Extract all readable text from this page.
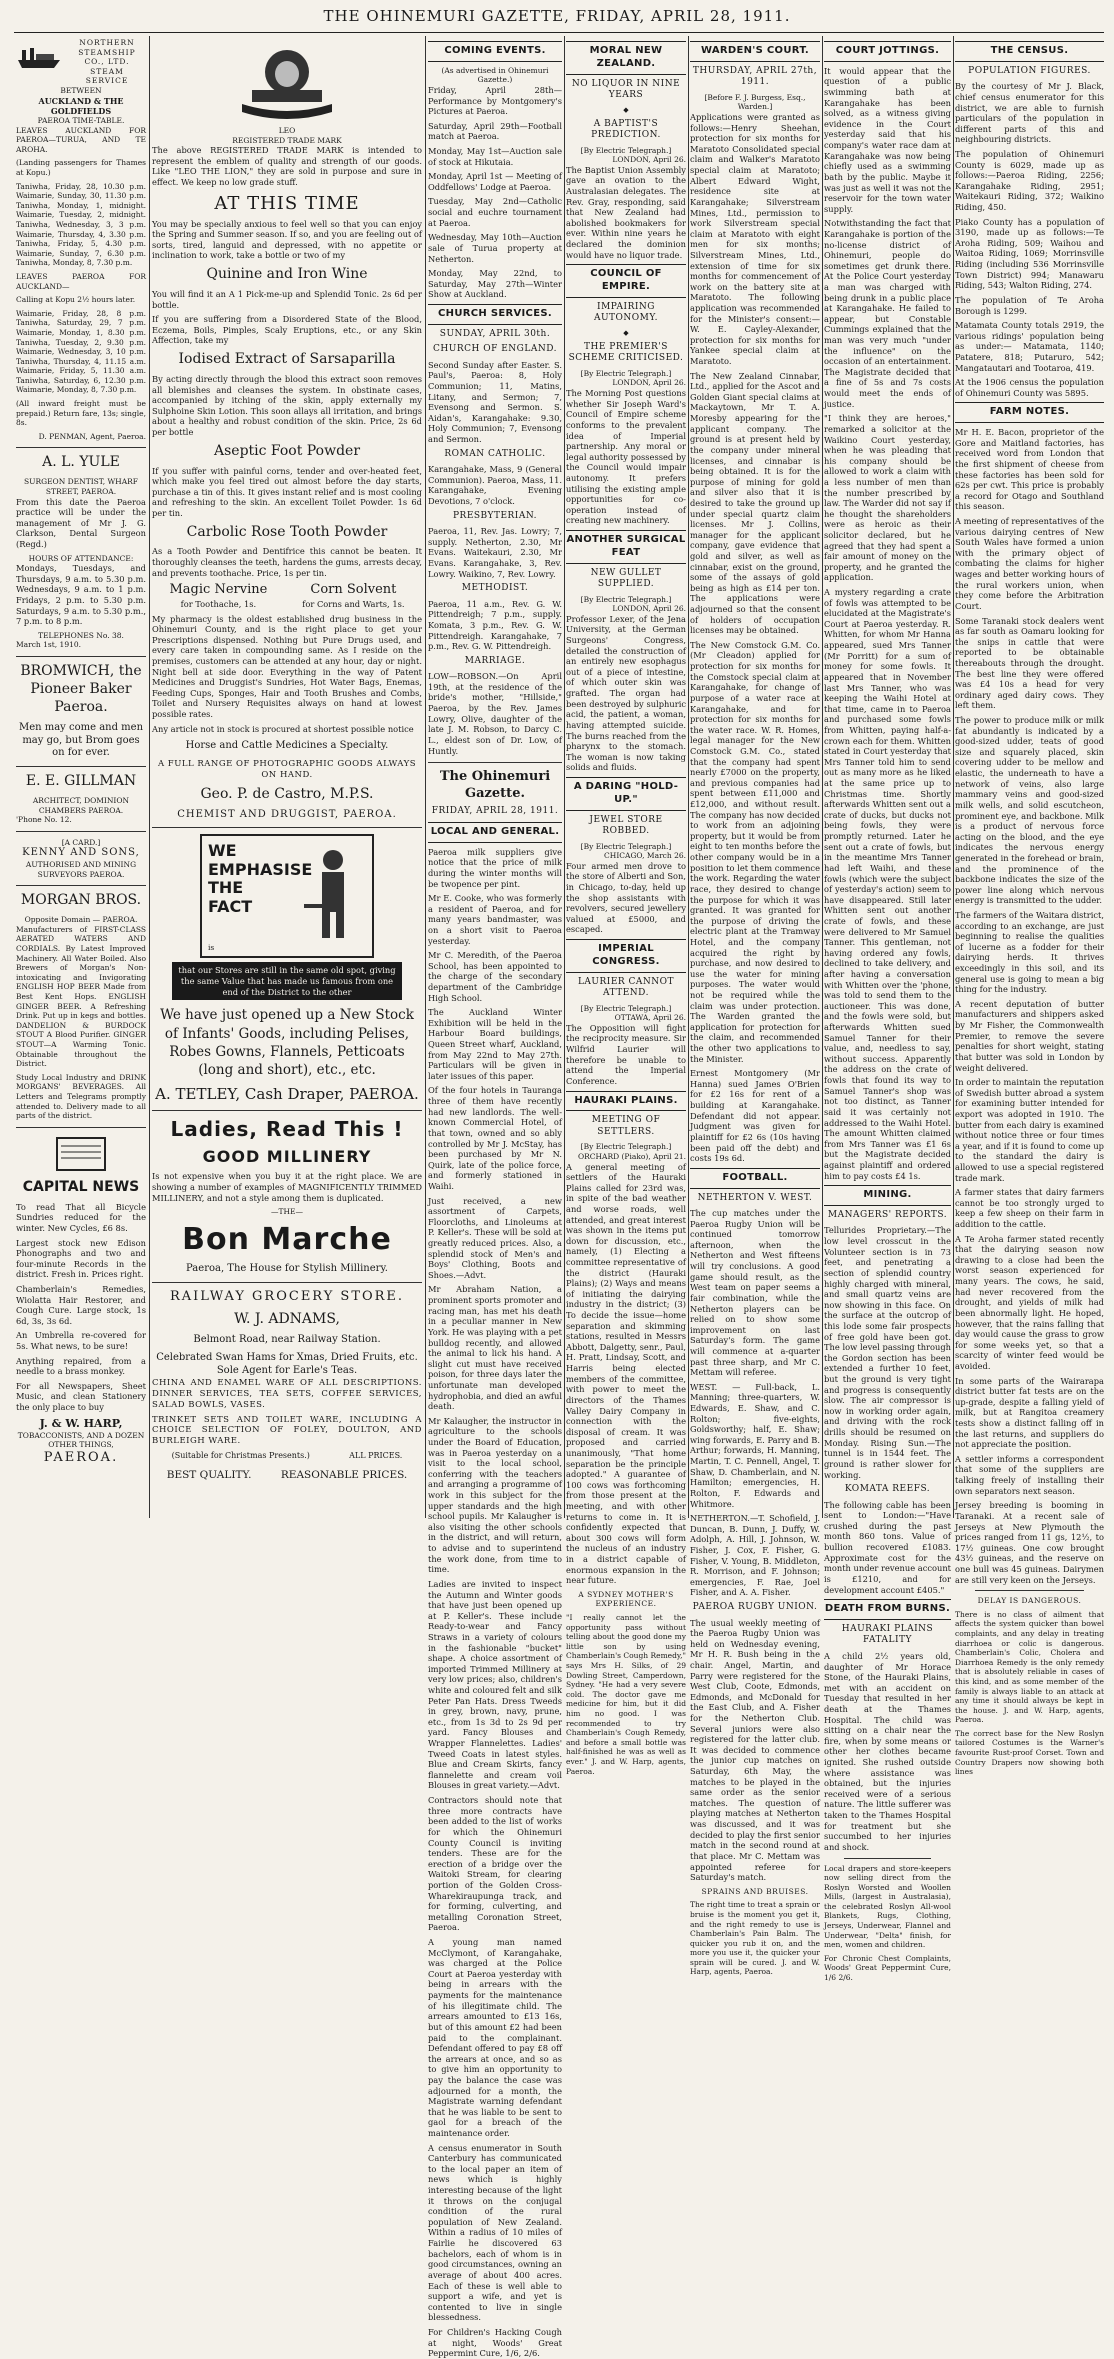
THE OHINEMURI GAZETTE, FRIDAY, APRIL 28, 1911.
NORTHERN STEAMSHIP CO., LTD. STEAM SERVICE
BETWEEN
AUCKLAND & THE GOLDFIELDS
PAEROA TIME-TABLE.

LEAVES AUCKLAND FOR PAEROA—TURUA, AND TE AROHA.

(Landing passengers for Thames at Kopu.)

Taniwha, Friday, 28, 10.30 p.m. Waimarie, Sunday, 30, 11.30 p.m. Taniwha, Monday, 1, midnight. Waimarie, Tuesday, 2, midnight. Taniwha, Wednesday, 3, 3 p.m. Waimarie, Thursday, 4, 3.30 p.m. Taniwha, Friday, 5, 4.30 p.m. Waimarie, Sunday, 7, 6.30 p.m. Taniwha, Monday, 8, 7.30 p.m.

LEAVES PAEROA FOR AUCKLAND—

Calling at Kopu 2½ hours later.

Waimarie, Friday, 28, 8 p.m. Taniwha, Saturday, 29, 7 p.m. Waimarie, Monday, 1, 8.30 p.m. Taniwha, Tuesday, 2, 9.30 p.m. Waimarie, Wednesday, 3, 10 p.m. Taniwha, Thursday, 4, 11.15 a.m. Waimarie, Friday, 5, 11.30 a.m. Taniwha, Saturday, 6, 12.30 p.m. Waimarie, Monday, 8, 7.30 p.m.

(All inward freight must be prepaid.) Return fare, 13s; single, 8s.

D. PENMAN, Agent, Paeroa.

A. L. YULE
SURGEON DENTIST, WHARF STREET, PAEROA.

From this date the Paeroa practice will be under the management of Mr J. G. Clarkson, Dental Surgeon (Regd.)

HOURS OF ATTENDANCE:

Mondays, Tuesdays, and Thursdays, 9 a.m. to 5.30 p.m. Wednesdays, 9 a.m. to 1 p.m. Fridays, 2 p.m. to 5.30 p.m. Saturdays, 9 a.m. to 5.30 p.m., 7 p.m. to 8 p.m.

TELEPHONES No. 38.
March 1st, 1910.
BROMWICH, the Pioneer Baker Paeroa.
Men may come and men may go, but Brom goes on for ever.
E. E. GILLMAN
ARCHITECT, DOMINION CHAMBERS PAEROA.
'Phone No. 12.
[A CARD.]
KENNY AND SONS,
AUTHORISED AND MINING SURVEYORS PAEROA.
MORGAN BROS.
Opposite Domain — PAEROA.

Manufacturers of FIRST-CLASS AERATED WATERS AND CORDIALS. By Latest Improved Machinery. All Water Boiled. Also Brewers of Morgan's Non-intoxicating and Invigorating ENGLISH HOP BEER Made from Best Kent Hops. ENGLISH GINGER BEER. A Refreshing Drink. Put up in kegs and bottles. DANDELION & BURDOCK STOUT A Blood Purifier. GINGER STOUT—A Warming Tonic. Obtainable throughout the District.

Study Local Industry and DRINK MORGANS' BEVERAGES. All Letters and Telegrams promptly attended to. Delivery made to all parts of the district.

CAPITAL NEWS

To read That all Bicycle Sundries reduced for the winter. New Cycles, £6 8s.

Largest stock new Edison Phonographs and two and four-minute Records in the district. Fresh in. Prices right.

Chamberlain's Remedies, Wiolatta Hair Restorer, and Cough Cure. Large stock, 1s 6d, 3s, 3s 6d.

An Umbrella re-covered for 5s. What news, to be sure!

Anything repaired, from a needle to a brass monkey.

For all Newspapers, Sheet Music, and clean Stationery the only place to buy

J. & W. HARP,
TOBACCONISTS, AND A DOZEN OTHER THINGS,
PAEROA.
LEO
REGISTERED TRADE MARK

The above REGISTERED TRADE MARK is intended to represent the emblem of quality and strength of our goods. Like "LEO THE LION," they are sold in purpose and sure in effect. We keep no low grade stuff.

AT THIS TIME

You may be specially anxious to feel well so that you can enjoy the Spring and Summer season. If so, and you are feeling out of sorts, tired, languid and depressed, with no appetite or inclination to work, take a bottle or two of my

Quinine and Iron Wine

You will find it an A 1 Pick-me-up and Splendid Tonic. 2s 6d per bottle.

If you are suffering from a Disordered State of the Blood, Eczema, Boils, Pimples, Scaly Eruptions, etc., or any Skin Affection, take my

Iodised Extract of Sarsaparilla

By acting directly through the blood this extract soon removes all blemishes and cleanses the system. In obstinate cases, accompanied by itching of the skin, apply externally my Sulphoine Skin Lotion. This soon allays all irritation, and brings about a healthy and robust condition of the skin. Price, 2s 6d per bottle

Aseptic Foot Powder

If you suffer with painful corns, tender and over-heated feet, which make you feel tired out almost before the day starts, purchase a tin of this. It gives instant relief and is most cooling and refreshing to the skin. An excellent Toilet Powder. 1s 6d per tin.

Carbolic Rose Tooth Powder

As a Tooth Powder and Dentifrice this cannot be beaten. It thoroughly cleanses the teeth, hardens the gums, arrests decay, and prevents toothache. Price, 1s per tin.

Magic Nervine
for Toothache, 1s.
Corn Solvent
for Corns and Warts, 1s.

My pharmacy is the oldest established drug business in the Ohinemuri County, and is the right place to get your Prescriptions dispensed. Nothing but Pure Drugs used, and every care taken in compounding same. As I reside on the premises, customers can be attended at any hour, day or night. Night bell at side door. Everything in the way of Patent Medicines and Druggist's Sundries, Hot Water Bags, Enemas, Feeding Cups, Sponges, Hair and Tooth Brushes and Combs, Toilet and Nursery Requisites always on hand at lowest possible rates.

Any article not in stock is procured at shortest possible notice

Horse and Cattle Medicines a Specialty.
A FULL RANGE OF PHOTOGRAPHIC GOODS ALWAYS ON HAND.
Geo. P. de Castro, M.P.S.
CHEMIST AND DRUGGIST, PAEROA.
WE EMPHASISE THE FACT
is
that our Stores are still in the same old spot, giving the same Value that has made us famous from one end of the District to the other
We have just opened up a New Stock of Infants' Goods, including Pelises, Robes Gowns, Flannels, Petticoats (long and short), etc., etc.
A. TETLEY, Cash Draper, PAEROA.
Ladies, Read This !
GOOD MILLINERY

Is not expensive when you buy it at the right place. We are showing a number of examples of MAGNIFICENTLY TRIMMED MILLINERY, and not a style among them is duplicated.

—THE—
Bon Marche
Paeroa, The House for Stylish Millinery.
RAILWAY GROCERY STORE.
W. J. ADNAMS,
Belmont Road, near Railway Station.
Celebrated Swan Hams for Xmas, Dried Fruits, etc.
Sole Agent for Earle's Teas.

CHINA AND ENAMEL WARE OF ALL DESCRIPTIONS. DINNER SERVICES, TEA SETS, COFFEE SERVICES, SALAD BOWLS, VASES.

TRINKET SETS AND TOILET WARE, INCLUDING A CHOICE SELECTION OF FOLEY, DOULTON, AND BURLEIGH WARE.

(Suitable for Christmas Presents.)	ALL PRICES.
BEST QUALITY.	REASONABLE PRICES.
COMING EVENTS.
(As advertised in Ohinemuri Gazette.)

Friday, April 28th—Performance by Montgomery's Pictures at Paeroa.

Saturday, April 29th—Football match at Paeroa.

Monday, May 1st—Auction sale of stock at Hikutaia.

Monday, April 1st — Meeting of Oddfellows' Lodge at Paeroa.

Tuesday, May 2nd—Catholic social and euchre tournament at Paeroa.

Wednesday, May 10th—Auction sale of Turua property at Netherton.

Monday, May 22nd, to Saturday, May 27th—Winter Show at Auckland.

CHURCH SERVICES.
SUNDAY, APRIL 30th.
CHURCH OF ENGLAND.

Second Sunday after Easter. S. Paul's, Paeroa: 8, Holy Communion; 11, Matins, Litany, and Sermon; 7, Evensong and Sermon. S. Aidan's, Karangahake: 9.30, Holy Communion; 7, Evensong and Sermon.

ROMAN CATHOLIC.

Karangahake, Mass, 9 (General Communion). Paeroa, Mass, 11. Karangahake, Evening Devotions, 7 o'clock.

PRESBYTERIAN.

Paeroa, 11, Rev. Jas. Lowry; 7, supply. Netherton, 2.30, Mr Evans. Waitekauri, 2.30, Mr Evans. Karangahake, 3, Rev. Lowry. Waikino, 7, Rev. Lowry.

METHODIST.

Paeroa, 11 a.m., Rev. G. W. Pittendreigh; 7 p.m., supply. Komata, 3 p.m., Rev. G. W. Pittendreigh. Karangahake, 7 p.m., Rev. G. W. Pittendreigh.

MARRIAGE.

LOW—ROBSON.—On April 19th, at the residence of the bride's mother, "Hillside," Paeroa, by the Rev. James Lowry, Olive, daughter of the late J. M. Robson, to Darcy C. L., eldest son of Dr. Low, of Huntly.

The Ohinemuri Gazette.
FRIDAY, APRIL 28, 1911.
LOCAL AND GENERAL.

Paeroa milk suppliers give notice that the price of milk during the winter months will be twopence per pint.

Mr E. Cooke, who was formerly a resident of Paeroa, and for many years bandmaster, was on a short visit to Paeroa yesterday.

Mr C. Meredith, of the Paeroa School, has been appointed to the charge of the secondary department of the Cambridge High School.

The Auckland Winter Exhibition will be held in the Harbour Board buildings, Queen Street wharf, Auckland, from May 22nd to May 27th. Particulars will be given in later issues of this paper.

Of the four hotels in Tauranga three of them have recently had new landlords. The well-known Commercial Hotel, of that town, owned and so ably controlled by Mr J. McStay, has been purchased by Mr N. Quirk, late of the police force, and formerly stationed in Waihi.

Just received, a new assortment of Carpets, Floorcloths, and Linoleums at P. Keller's. These will be sold at greatly reduced prices. Also, a splendid stock of Men's and Boys' Clothing, Boots and Shoes.—Advt.

Mr Abraham Nation, a prominent sports promoter and racing man, has met his death in a peculiar manner in New York. He was playing with a pet bulldog recently, and allowed the animal to lick his hand. A slight cut must have received poison, for three days later the unfortunate man developed hydrophobia, and died an awful death.

Mr Kalaugher, the instructor in agriculture to the schools under the Board of Education, was in Paeroa yesterday on a visit to the local school, conferring with the teachers and arranging a programme of work in this subject for the upper standards and the high school pupils. Mr Kalaugher is also visiting the other schools in the district, and will return, to advise and to superintend the work done, from time to time.

Ladies are invited to inspect the Autumn and Winter goods that have just been opened up at P. Keller's. These include Ready-to-wear and Fancy Straws in a variety of colours in the fashionable "bucket" shape. A choice assortment of imported Trimmed Millinery at very low prices; also, children's white and coloured felt and silk Peter Pan Hats. Dress Tweeds in grey, brown, navy, prune, etc., from 1s 3d to 2s 9d per yard. Fancy Blouses and Wrapper Flannelettes. Ladies' Tweed Coats in latest styles. Blue and Cream Skirts, fancy flannelette and cream voil Blouses in great variety.—Advt.

Contractors should note that three more contracts have been added to the list of works for which the Ohinemuri County Council is inviting tenders. These are for the erection of a bridge over the Waitoki Stream, for clearing portion of the Golden Cross-Wharekiraupunga track, and for forming, culverting, and metalling Coronation Street, Paeroa.

A young man named McClymont, of Karangahake, was charged at the Police Court at Paeroa yesterday with being in arrears with the payments for the maintenance of his illegitimate child. The arrears amounted to £13 16s, but of this amount £2 had been paid to the complainant. Defendant offered to pay £8 off the arrears at once, and so as to give him an opportunity to pay the balance the case was adjourned for a month, the Magistrate warning defendant that he was liable to be sent to gaol for a breach of the maintenance order.

A census enumerator in South Canterbury has communicated to the local paper an item of news which is highly interesting because of the light it throws on the conjugal condition of the rural population of New Zealand. Within a radius of 10 miles of Fairlie he discovered 63 bachelors, each of whom is in good circumstances, owning an average of about 400 acres. Each of these is well able to support a wife, and yet is contented to live in single blessedness.

For Children's Hacking Cough at night, Woods' Great Peppermint Cure, 1/6, 2/6.

MORAL NEW ZEALAND.
NO LIQUOR IN NINE YEARS
◆
A BAPTIST'S PREDICTION.
[By Electric Telegraph.]
LONDON, April 26.

The Baptist Union Assembly gave an ovation to the Australasian delegates. The Rev. Gray, responding, said that New Zealand had abolished bookmakers for ever. Within nine years he declared the dominion would have no liquor trade.

COUNCIL OF EMPIRE.
IMPAIRING AUTONOMY.
◆
THE PREMIER'S SCHEME CRITICISED.
[By Electric Telegraph.]
LONDON, April 26.

The Morning Post questions whether Sir Joseph Ward's Council of Empire scheme conforms to the prevalent idea of Imperial partnership. Any moral or legal authority possessed by the Council would impair autonomy. It prefers utilising the existing ample opportunities for co-operation instead of creating new machinery.

ANOTHER SURGICAL FEAT
NEW GULLET SUPPLIED.
[By Electric Telegraph.]
LONDON, April 26.

Professor Lexer, of the Jena University, at the German Surgeons' Congress, detailed the construction of an entirely new esophagus out of a piece of intestine, of which outer skin was grafted. The organ had been destroyed by sulphuric acid, the patient, a woman, having attempted suicide. The burns reached from the pharynx to the stomach. The woman is now taking solids and fluids.

A DARING "HOLD-UP."
JEWEL STORE ROBBED.
[By Electric Telegraph.]
CHICAGO, March 26.

Four armed men drove to the store of Alberti and Son, in Chicago, to-day, held up the shop assistants with revolvers, secured jewellery valued at £5000, and escaped.

IMPERIAL CONGRESS.
LAURIER CANNOT ATTEND.
[By Electric Telegraph.]
OTTAWA, April 26.

The Opposition will fight the reciprocity measure. Sir Wilfrid Laurier will therefore be unable to attend the Imperial Conference.

HAURAKI PLAINS.
MEETING OF SETTLERS.
[By Electric Telegraph.]
ORCHARD (Piako), April 21.

A general meeting of settlers of the Hauraki Plains called for 23rd was, in spite of the bad weather and worse roads, well attended, and great interest was shown in the items put down for discussion, etc., namely, (1) Electing a committee representative of the district (Hauraki Plains); (2) Ways and means of initiating the dairying industry in the district; (3) To decide the issue—home separation and skimming stations, resulted in Messrs Abbott, Dalgetty, senr., Paul, H. Pratt, Lindsay, Scott, and Harris being elected members of the committee, with power to meet the directors of the Thames Valley Dairy Company in connection with the disposal of cream. It was proposed and carried unanimously, "That home separation be the principle adopted." A guarantee of 100 cows was forthcoming from those present at the meeting, and with other returns to come in. It is confidently expected that about 300 cows will form the nucleus of an industry in a district capable of enormous expansion in the near future.

A SYDNEY MOTHER'S EXPERIENCE.

"I really cannot let the opportunity pass without telling about the good done my little son by using Chamberlain's Cough Remedy," says Mrs H. Silks, of 29 Dowling Street, Camperdown, Sydney. "He had a very severe cold. The doctor gave me medicine for him, but it did him no good. I was recommended to try Chamberlain's Cough Remedy, and before a small bottle was half-finished he was as well as ever." J. and W. Harp, agents, Paeroa.

WARDEN'S COURT.
THURSDAY, APRIL 27th, 1911.
[Before F. J. Burgess, Esq., Warden.]

Applications were granted as follows:—Henry Sheehan, protection for six months for Maratoto Consolidated special claim and Walker's Maratoto special claim at Maratoto; Albert Edward Wight, residence site at Karangahake; Silverstream Mines, Ltd., permission to work Silverstream special claim at Maratoto with eight men for six months; Silverstream Mines, Ltd., extension of time for six months for commencement of work on the battery site at Maratoto. The following application was recommended for the Minister's consent:— W. E. Cayley-Alexander, protection for six months for Yankee special claim at Maratoto.

The New Zealand Cinnabar, Ltd., applied for the Ascot and Golden Giant special claims at Mackaytown, Mr T. A. Moresby appearing for the applicant company. The ground is at present held by the company under mineral licenses, and cinnabar is being obtained. It is for the purpose of mining for gold and silver also that it is desired to take the ground up under special quartz claim licenses. Mr J. Collins, manager for the applicant company, gave evidence that gold and silver, as well as cinnabar, exist on the ground, some of the assays of gold being as high as £14 per ton. The applications were adjourned so that the consent of holders of occupation licenses may be obtained.

The New Comstock G.M. Co. (Mr Cleadon) applied for protection for six months for the Comstock special claim at Karangahake, for change of purpose of a water race at Karangahake, and for protection for six months for the water race. W. R. Homes, legal manager for the New Comstock G.M. Co., stated that the company had spent nearly £7000 on the property, and previous companies had spent between £11,000 and £12,000, and without result. The company has now decided to work from an adjoining property, but it would be from eight to ten months before the other company would be in a position to let them commence the work. Regarding the water race, they desired to change the purpose for which it was granted. It was granted for the purpose of driving the electric plant at the Tramway Hotel, and the company acquired the right by purchase, and now desired to use the water for mining purposes. The water would not be required while the claim was under protection. The Warden granted the application for protection for the claim, and recommended the other two applications to the Minister.

Ernest Montgomery (Mr Hanna) sued James O'Brien for £2 16s for rent of a building at Karangahake. Defendant did not appear. Judgment was given for plaintiff for £2 6s (10s having been paid off the debt) and costs 19s 6d.

FOOTBALL.
NETHERTON V. WEST.

The cup matches under the Paeroa Rugby Union will be continued tomorrow afternoon, when the Netherton and West fifteens will try conclusions. A good game should result, as the West team on paper seems a fair combination, while the Netherton players can be relied on to show some improvement on last Saturday's form. The game will commence at a-quarter past three sharp, and Mr C. Mettam will referee.

WEST. — Full-back, L. Manning; three-quarters, W. Edwards, E. Shaw, and C. Rolton; five-eights, Goldsworthy; half, E. Shaw; wing forwards, E. Parry and B. Arthur; forwards, H. Manning, Martin, T. C. Pennell, Angel, T. Shaw, D. Chamberlain, and N. Hamilton; emergencies, H. Rolton, F. Edwards and Whitmore.

NETHERTON.—T. Schofield, J. Duncan, B. Dunn, J. Duffy, W. Adolph, A. Hill, J. Johnson, W. Fisher, J. Cox, F. Fisher, G. Fisher, V. Young, B. Middleton, R. Morrison, and F. Johnson; emergencies, F. Rae, Joel Fisher, and A. A. Fisher.

PAEROA RUGBY UNION.

The usual weekly meeting of the Paeroa Rugby Union was held on Wednesday evening, Mr H. R. Bush being in the chair. Angel, Martin, and Parry were registered for the West Club, Coote, Edmonds, Edmonds, and McDonald for the East Club, and A. Fisher for the Netherton Club. Several juniors were also registered for the latter club. It was decided to commence the junior cup matches on Saturday, 6th May, the matches to be played in the same order as the senior matches. The question of playing matches at Netherton was discussed, and it was decided to play the first senior match in the second round at that place. Mr C. Mettam was appointed referee for Saturday's match.

SPRAINS AND BRUISES.

The right time to treat a sprain or bruise is the moment you get it, and the right remedy to use is Chamberlain's Pain Balm. The quicker you rub it on, and the more you use it, the quicker your sprain will be cured. J. and W. Harp, agents, Paeroa.

COURT JOTTINGS.

It would appear that the question of a public swimming bath at Karangahake has been solved, as a witness giving evidence in the Court yesterday said that his company's water race dam at Karangahake was now being chiefly used as a swimming bath by the public. Maybe it was just as well it was not the reservoir for the town water supply.

Notwithstanding the fact that Karangahake is portion of the no-license district of Ohinemuri, people do sometimes get drunk there. At the Police Court yesterday a man was charged with being drunk in a public place at Karangahake. He failed to appear, but Constable Cummings explained that the man was very much "under the influence" on the occasion of an entertainment. The Magistrate decided that a fine of 5s and 7s costs would meet the ends of justice.

"I think they are heroes," remarked a solicitor at the Waikino Court yesterday, when he was pleading that his company should be allowed to work a claim with a less number of men than the number prescribed by law. The Warder did not say if he thought the shareholders were as heroic as their solicitor declared, but he agreed that they had spent a fair amount of money on the property, and he granted the application.

A mystery regarding a crate of fowls was attempted to be elucidated at the Magistrate's Court at Paeroa yesterday. R. Whitten, for whom Mr Hanna appeared, sued Mrs Tanner (Mr Porritt) for a sum of money for some fowls. It appeared that in November last Mrs Tanner, who was keeping the Waihi Hotel at that time, came in to Paeroa and purchased some fowls from Whitten, paying half-a-crown each for them. Whitten stated in Court yesterday that Mrs Tanner told him to send out as many more as he liked at the same price up to Christmas time. Shortly afterwards Whitten sent out a crate of ducks, but ducks not being fowls, they were promptly returned. Later he sent out a crate of fowls, but in the meantime Mrs Tanner had left Waihi, and these fowls (which were the subject of yesterday's action) seem to have disappeared. Still later Whitten sent out another crate of fowls, and these were delivered to Mr Samuel Tanner. This gentleman, not having ordered any fowls, declined to take delivery, and after having a conversation with Whitten over the 'phone, was told to send them to the auctioneer. This was done, and the fowls were sold, but afterwards Whitten sued Samuel Tanner for their value, and, needless to say, without success. Apparently the address on the crate of fowls that found its way to Samuel Tanner's shop was not too distinct, as Tanner said it was certainly not addressed to the Waihi Hotel. The amount Whitten claimed from Mrs Tanner was £1 6s but the Magistrate decided against plaintiff and ordered him to pay costs £4 1s.

MINING.
MANAGERS' REPORTS.

Tellurides Proprietary.—The low level crosscut in the Volunteer section is in 73 feet, and penetrating a section of splendid country highly charged with mineral, and small quartz veins are now showing in this face. On the surface at the outcrop of this lode some fair prospects of free gold have been got. The low level passing through the Gordon section has been extended a further 10 feet, but the ground is very tight and progress is consequently slow. The air compressor is now in working order again, and driving with the rock drills should be resumed on Monday. Rising Sun.—The tunnel is in 1544 feet. The ground is rather slower for working.

KOMATA REEFS.

The following cable has been sent to London:—"Have crushed during the past month 860 tons. Value of bullion recovered £1083. Approximate cost for the month under revenue account is £1210, and for development account £405."

DEATH FROM BURNS.
HAURAKI PLAINS FATALITY

A child 2½ years old, daughter of Mr Horace Stone, of the Hauraki Plains, met with an accident on Tuesday that resulted in her death at the Thames Hospital. The child was sitting on a chair near the fire, when by some means or other her clothes became ignited. She rushed outside where assistance was obtained, but the injuries received were of a serious nature. The little sufferer was taken to the Thames Hospital for treatment but she succumbed to her injuries and shock.

Local drapers and store-keepers now selling direct from the Roslyn Worsted and Woollen Mills, (largest in Australasia), the celebrated Roslyn All-wool Blankets, Rugs, Clothing, Jerseys, Underwear, Flannel and Underwear, "Delta" finish, for men, women and children.

For Chronic Chest Complaints, Woods' Great Peppermint Cure, 1/6 2/6.

THE CENSUS.
POPULATION FIGURES.

By the courtesy of Mr J. Black, chief census enumerator for this district, we are able to furnish particulars of the population in different parts of this and neighbouring districts.

The population of Ohinemuri County is 6029, made up as follows:—Paeroa Riding, 2256; Karangahake Riding, 2951; Waitekauri Riding, 372; Waikino Riding, 450.

Piako County has a population of 3190, made up as follows:—Te Aroha Riding, 509; Waihou and Waitoa Riding, 1069; Morrinsville Riding (including 536 Morrinsville Town District) 994; Manawaru Riding, 543; Walton Riding, 274.

The population of Te Aroha Borough is 1299.

Matamata County totals 2919, the various ridings' population being as under:— Matamata, 1140; Patatere, 818; Putaruro, 542; Mangatautari and Tootaroa, 419.

At the 1906 census the population of Ohinemuri County was 5895.

FARM NOTES.

Mr H. E. Bacon, proprietor of the Gore and Maitland factories, has received word from London that the first shipment of cheese from these factories has been sold for 62s per cwt. This price is probably a record for Otago and Southland this season.

A meeting of representatives of the various dairying centres of New South Wales have formed a union with the primary object of combating the claims for higher wages and better working hours of the rural workers union, when they come before the Arbitration Court.

Some Taranaki stock dealers went as far south as Oamaru looking for the snips in cattle that were reported to be obtainable thereabouts through the drought. The best line they were offered was £4 10s a head for very ordinary aged dairy cows. They left them.

The power to produce milk or milk fat abundantly is indicated by a good-sized udder, teats of good size and squarely placed, skin covering udder to be mellow and elastic, the underneath to have a network of veins, also large mammary veins and good-sized milk wells, and solid escutcheon, prominent eye, and backbone. Milk is a product of nervous force acting on the blood, and the eye indicates the nervous energy generated in the forehead or brain, and the prominence of the backbone indicates the size of the power line along which nervous energy is transmitted to the udder.

The farmers of the Waitara district, according to an exchange, are just beginning to realise the qualities of lucerne as a fodder for their dairying herds. It thrives exceedingly in this soil, and its general use is going to mean a big thing for the industry.

A recent deputation of butter manufacturers and shippers asked by Mr Fisher, the Commonwealth Premier, to remove the severe penalties for short weight, stating that butter was sold in London by weight delivered.

In order to maintain the reputation of Swedish butter abroad a system for examining butter intended for export was adopted in 1910. The butter from each dairy is examined without notice three or four times a year, and if it is found to come up to the standard the dairy is allowed to use a special registered trade mark.

A farmer states that dairy farmers cannot be too strongly urged to keep a few sheep on their farm in addition to the cattle.

A Te Aroha farmer stated recently that the dairying season now drawing to a close had been the worst season experienced for many years. The cows, he said, had never recovered from the drought, and yields of milk had been abnormally light. He hoped, however, that the rains falling that day would cause the grass to grow for some weeks yet, so that a scarcity of winter feed would be avoided.

In some parts of the Wairarapa district butter fat tests are on the up-grade, despite a falling yield of milk, but at Rangitoa creamery tests show a distinct falling off in the last returns, and suppliers do not appreciate the position.

A settler informs a correspondent that some of the suppliers are talking freely of installing their own separators next season.

Jersey breeding is booming in Taranaki. At a recent sale of Jerseys at New Plymouth the prices ranged from 11 gs, 12½, to 17½ guineas. One cow brought 43½ guineas, and the reserve on one bull was 45 guineas. Dairymen are still very keen on the Jerseys.

DELAY IS DANGEROUS.

There is no class of ailment that affects the system quicker than bowel complaints, and any delay in treating diarrhoea or colic is dangerous. Chamberlain's Colic, Cholera and Diarrhoea Remedy is the only remedy that is absolutely reliable in cases of this kind, and as some member of the family is always liable to an attack at any time it should always be kept in the house. J. and W. Harp, agents, Paeroa.

The correct base for the New Roslyn tailored Costumes is the Warner's favourite Rust-proof Corset. Town and Country Drapers now showing both lines
